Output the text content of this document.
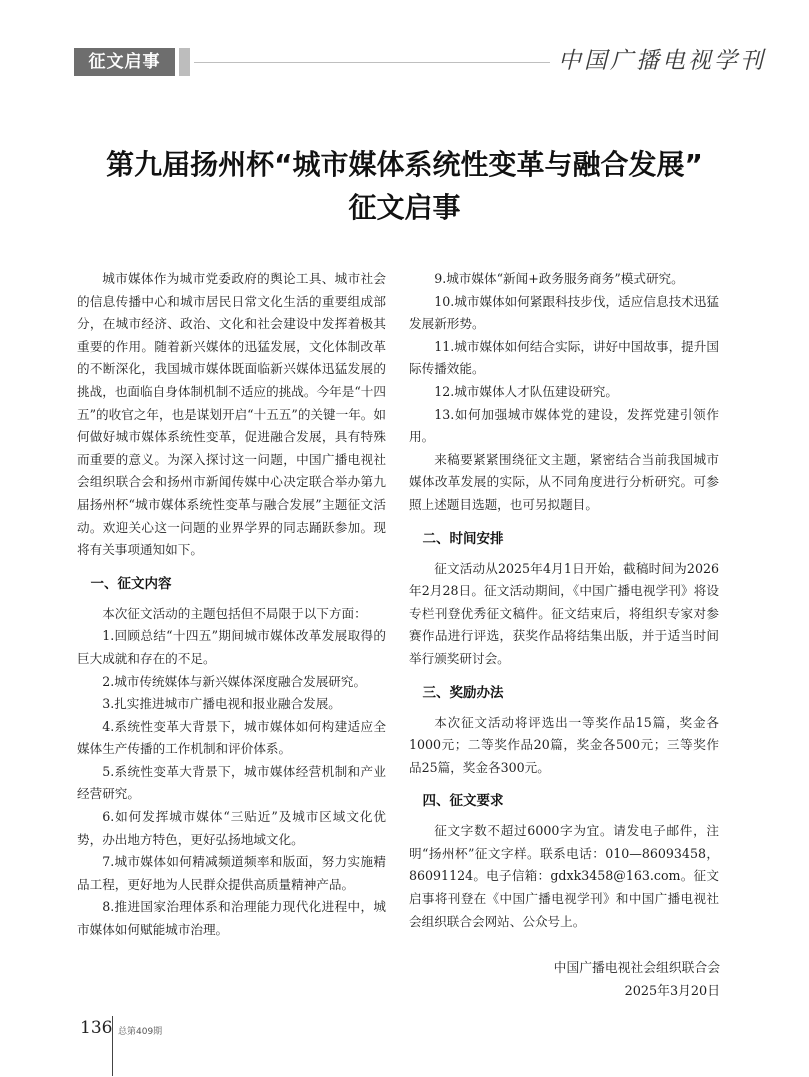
征文启事	中国广播电视学刊
第九届扬州杯“城市媒体系统性变革与融合发展”
征文启事

城市媒体作为城市党委政府的舆论工具、城市社会的信息传播中心和城市居民日常文化生活的重要组成部分，在城市经济、政治、文化和社会建设中发挥着极其重要的作用。随着新兴媒体的迅猛发展，文化体制改革的不断深化，我国城市媒体既面临新兴媒体迅猛发展的挑战，也面临自身体制机制不适应的挑战。今年是“十四五”的收官之年，也是谋划开启“十五五”的关键一年。如何做好城市媒体系统性变革，促进融合发展，具有特殊而重要的意义。为深入探讨这一问题，中国广播电视社会组织联合会和扬州市新闻传媒中心决定联合举办第九届扬州杯“城市媒体系统性变革与融合发展”主题征文活动。欢迎关心这一问题的业界学界的同志踊跃参加。现将有关事项通知如下。

一、征文内容

本次征文活动的主题包括但不局限于以下方面：

1.回顾总结“十四五”期间城市媒体改革发展取得的巨大成就和存在的不足。

2.城市传统媒体与新兴媒体深度融合发展研究。

3.扎实推进城市广播电视和报业融合发展。

4.系统性变革大背景下，城市媒体如何构建适应全媒体生产传播的工作机制和评价体系。

5.系统性变革大背景下，城市媒体经营机制和产业经营研究。

6.如何发挥城市媒体“三贴近”及城市区域文化优势，办出地方特色，更好弘扬地域文化。

7.城市媒体如何精减频道频率和版面，努力实施精品工程，更好地为人民群众提供高质量精神产品。

8.推进国家治理体系和治理能力现代化进程中，城市媒体如何赋能城市治理。

9.城市媒体“新闻+政务服务商务”模式研究。

10.城市媒体如何紧跟科技步伐，适应信息技术迅猛发展新形势。

11.城市媒体如何结合实际，讲好中国故事，提升国际传播效能。

12.城市媒体人才队伍建设研究。

13.如何加强城市媒体党的建设，发挥党建引领作用。

来稿要紧紧围绕征文主题，紧密结合当前我国城市媒体改革发展的实际，从不同角度进行分析研究。可参照上述题目选题，也可另拟题目。

二、时间安排

征文活动从2025年4月1日开始，截稿时间为2026年2月28日。征文活动期间，《中国广播电视学刊》将设专栏刊登优秀征文稿件。征文结束后，将组织专家对参赛作品进行评选，获奖作品将结集出版，并于适当时间举行颁奖研讨会。

三、奖励办法

本次征文活动将评选出一等奖作品15篇，奖金各1000元；二等奖作品20篇，奖金各500元；三等奖作品25篇，奖金各300元。

四、征文要求

征文字数不超过6000字为宜。请发电子邮件，注明“扬州杯”征文字样。联系电话：010—86093458，86091124。电子信箱：gdxk3458@163.com。征文启事将刊登在《中国广播电视学刊》和中国广播电视社会组织联合会网站、公众号上。

中国广播电视社会组织联合会
2025年3月20日
136 总第409期
